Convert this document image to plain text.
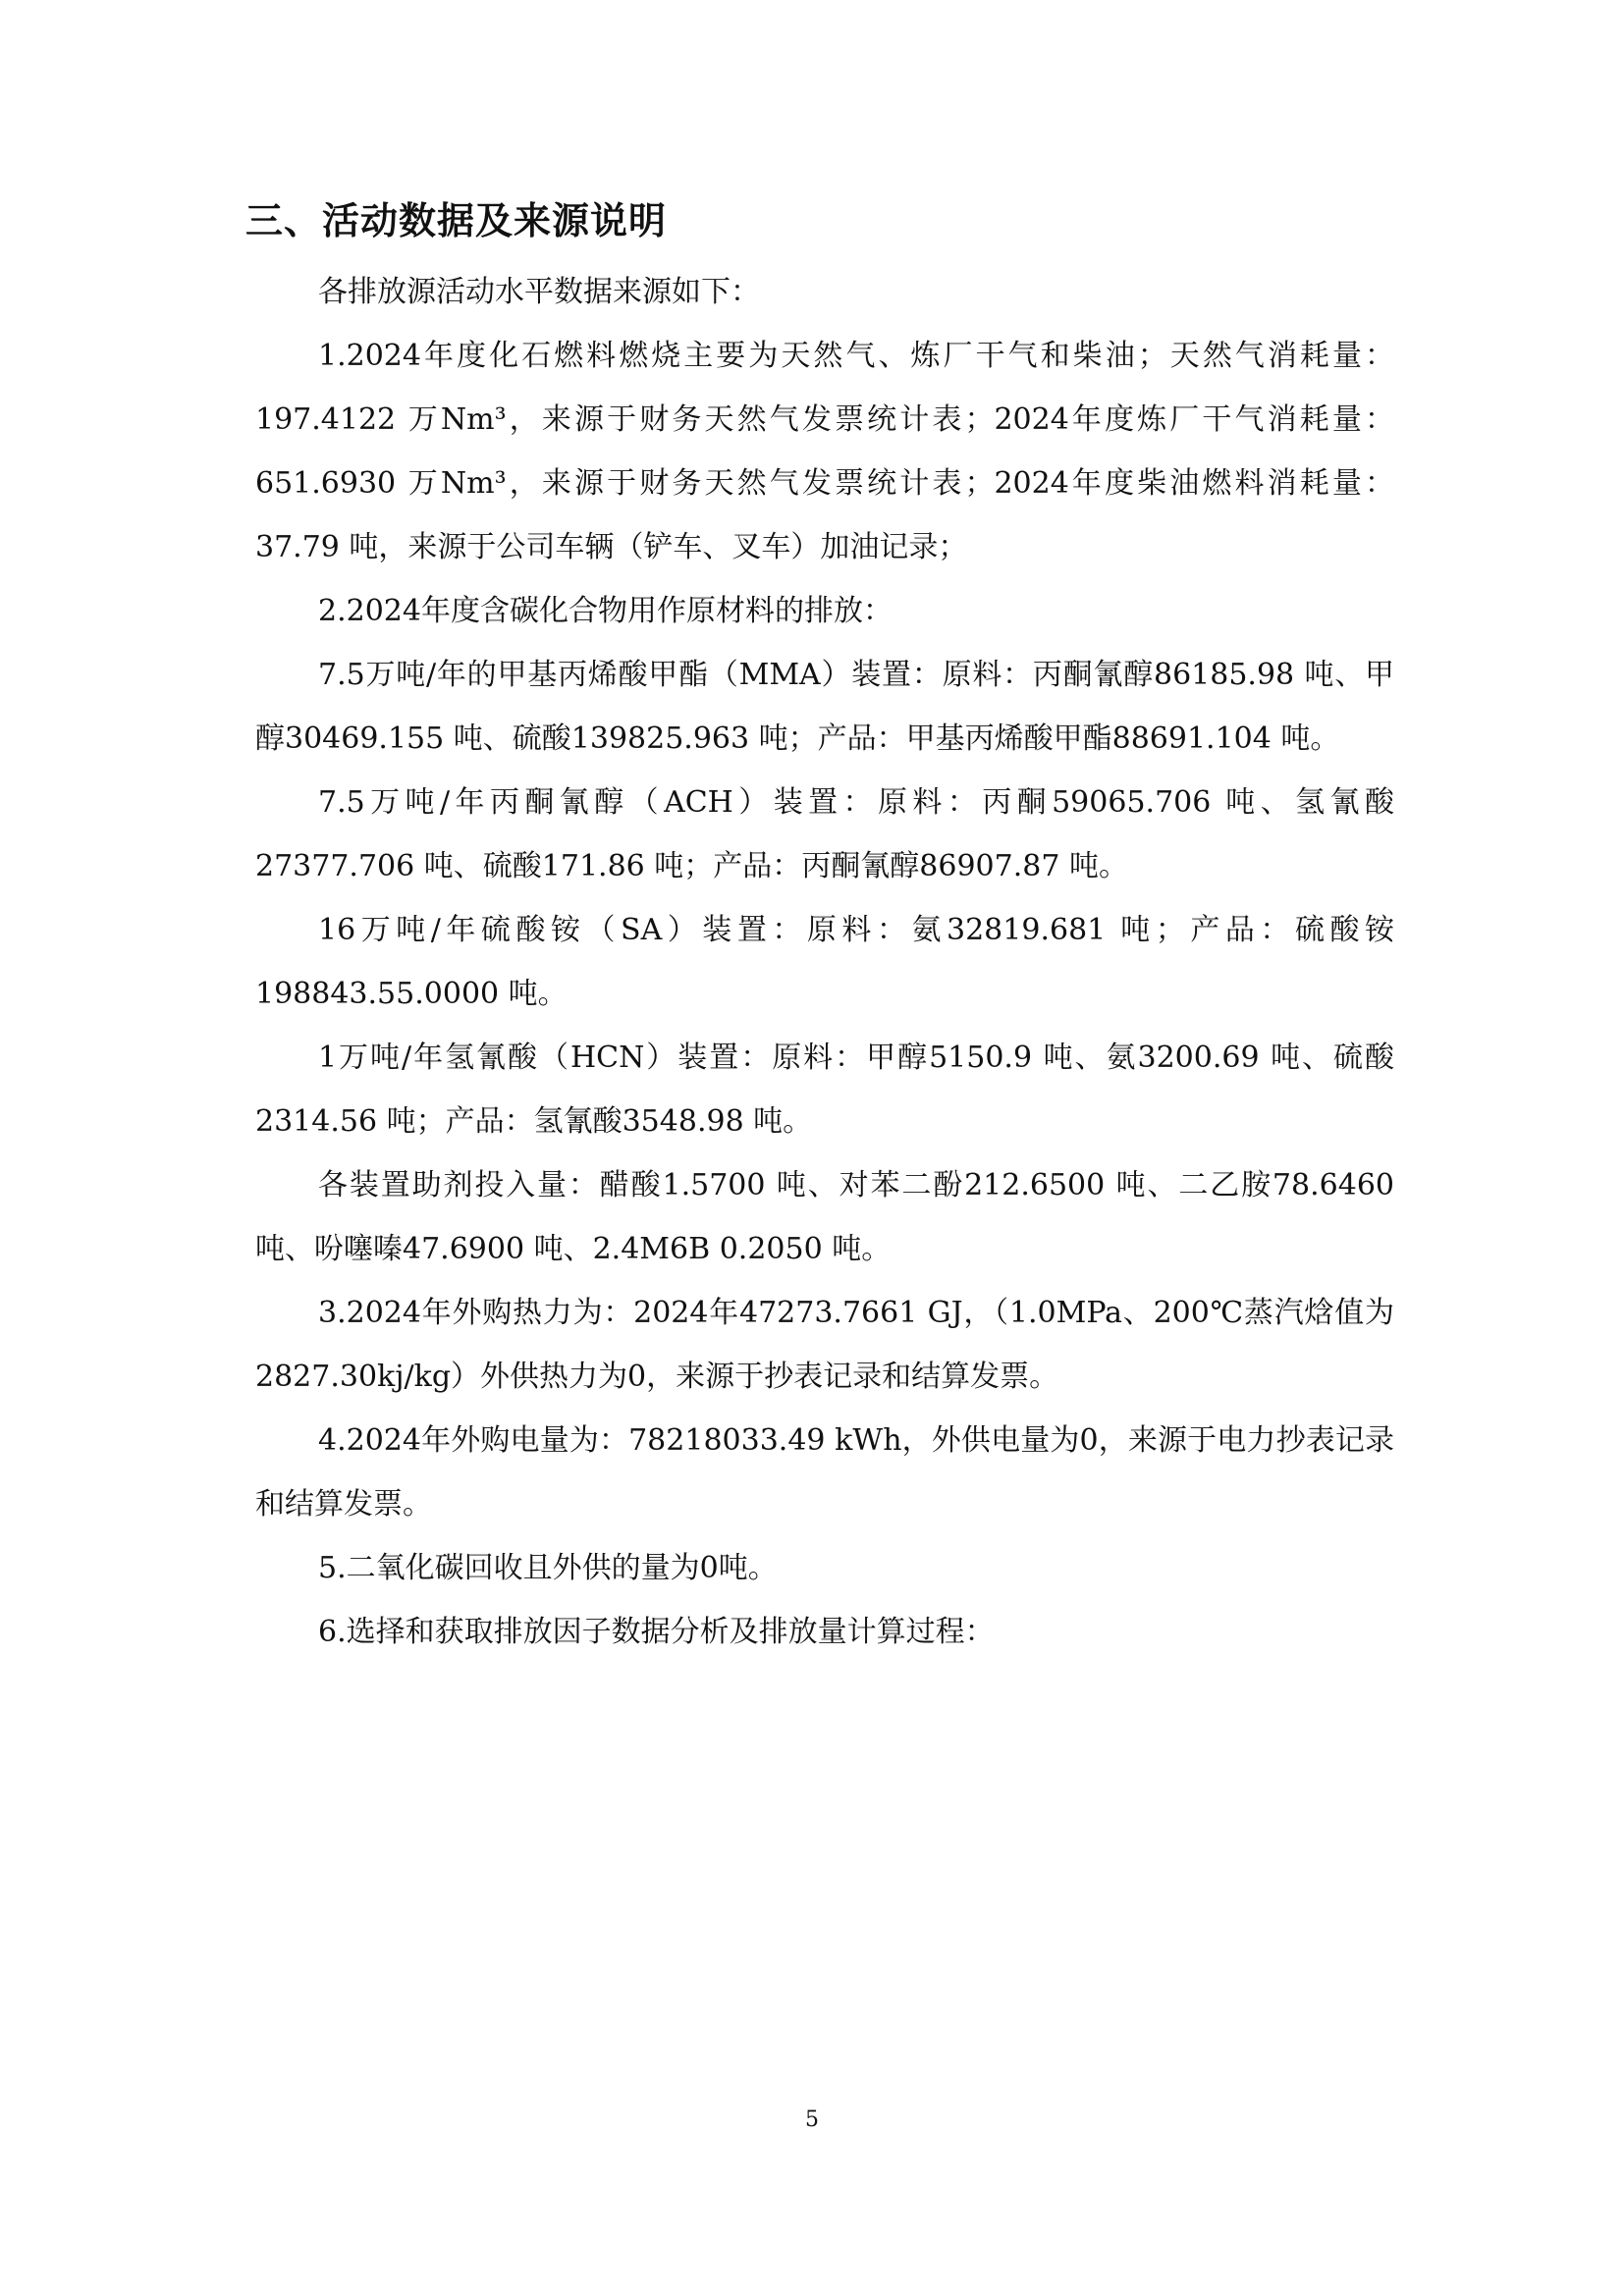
三、活动数据及来源说明

各排放源活动水平数据来源如下：

1.2024年度化石燃料燃烧主要为天然气、炼厂干气和柴油；天然气消耗量：197.4122 万Nm³，来源于财务天然气发票统计表；2024年度炼厂干气消耗量：651.6930 万Nm³，来源于财务天然气发票统计表；2024年度柴油燃料消耗量：37.79 吨，来源于公司车辆（铲车、叉车）加油记录；

2.2024年度含碳化合物用作原材料的排放：

7.5万吨/年的甲基丙烯酸甲酯（MMA）装置：原料：丙酮氰醇86185.98 吨、甲醇30469.155 吨、硫酸139825.963 吨；产品：甲基丙烯酸甲酯88691.104 吨。

7.5万吨/年丙酮氰醇（ACH）装置：原料：丙酮59065.706 吨、氢氰酸27377.706 吨、硫酸171.86 吨；产品：丙酮氰醇86907.87 吨。

16万吨/年硫酸铵（SA）装置：原料：氨32819.681 吨；产品：硫酸铵198843.55.0000 吨。

1万吨/年氢氰酸（HCN）装置：原料：甲醇5150.9 吨、氨3200.69 吨、硫酸2314.56 吨；产品：氢氰酸3548.98 吨。

各装置助剂投入量：醋酸1.5700 吨、对苯二酚212.6500 吨、二乙胺78.6460 吨、吩噻嗪47.6900 吨、2.4M6B 0.2050 吨。

3.2024年外购热力为：2024年47273.7661 GJ，（1.0MPa、200℃蒸汽焓值为2827.30kj/kg）外供热力为0，来源于抄表记录和结算发票。

4.2024年外购电量为：78218033.49 kWh，外供电量为0，来源于电力抄表记录和结算发票。

5.二氧化碳回收且外供的量为0吨。

6.选择和获取排放因子数据分析及排放量计算过程：

5
